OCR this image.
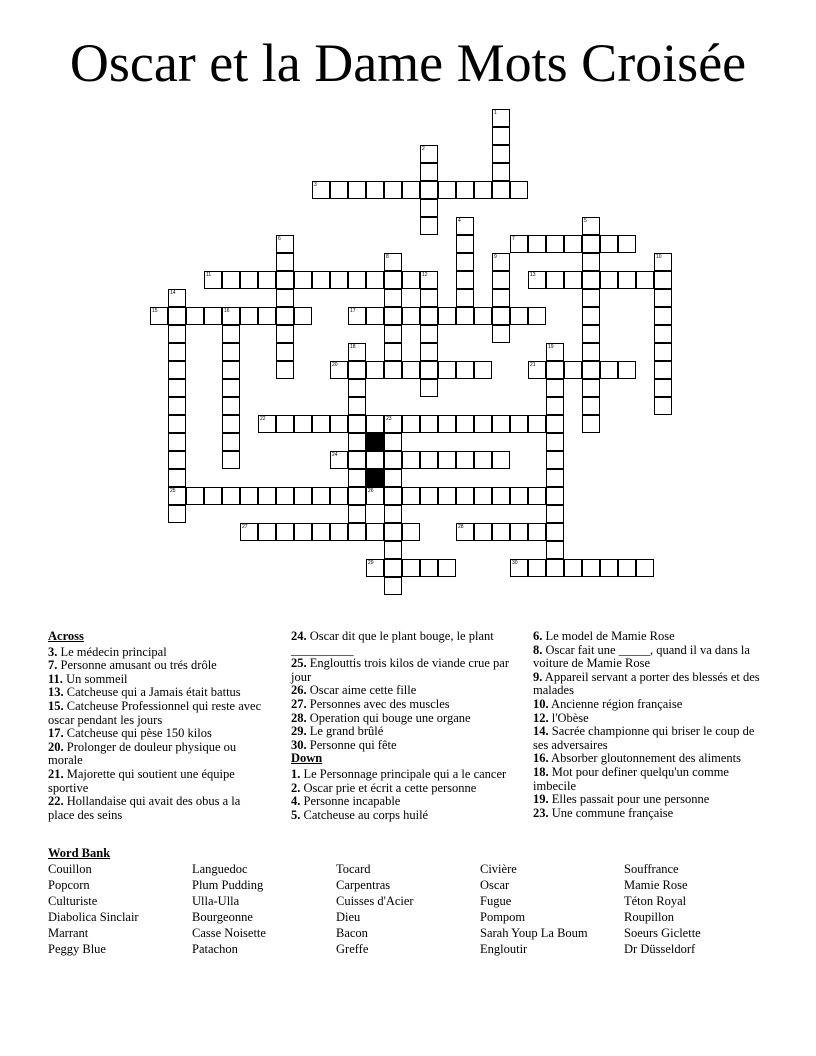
Oscar et la Dame Mots Croisée
1
2
3
4	5
6	7
8	9	10
11	12	13
14
25
15	16	17
18	19
20	21
22	23
24
26
27	28
29	30
Across
3. Le médecin principal
7. Personne amusant ou trés drôle
11. Un sommeil
13. Catcheuse qui a Jamais était battus
15. Catcheuse Professionnel qui reste avec oscar pendant les jours
17. Catcheuse qui pèse 150 kilos
20. Prolonger de douleur physique ou morale
21. Majorette qui soutient une équipe sportive
22. Hollandaise qui avait des obus a la place des seins
24. Oscar dit que le plant bouge, le plant __________
25. Englouttis trois kilos de viande crue par jour
26. Oscar aime cette fille
27. Personnes avec des muscles
28. Operation qui bouge une organe
29. Le grand brûlé
30. Personne qui fête
Down
1. Le Personnage principale qui a le cancer
2. Oscar prie et écrit a cette personne
4. Personne incapable
5. Catcheuse au corps huilé
6. Le model de Mamie Rose
8. Oscar fait une _____, quand il va dans la voiture de Mamie Rose
9. Appareil servant a porter des blessés et des malades
10. Ancienne région française
12. l'Obèse
14. Sacrée championne qui briser le coup de ses adversaires
16. Absorber gloutonnement des aliments
18. Mot pour definer quelqu'un comme imbecile
19. Elles passait pour une personne
23. Une commune française
Word Bank
Couillon
Popcorn
Culturiste
Diabolica Sinclair
Marrant
Peggy Blue
Languedoc
Plum Pudding
Ulla-Ulla
Bourgeonne
Casse Noisette
Patachon
Tocard
Carpentras
Cuisses d'Acier
Dieu
Bacon
Greffe
Civière
Oscar
Fugue
Pompom
Sarah Youp La Boum
Engloutir
Souffrance
Mamie Rose
Téton Royal
Roupillon
Soeurs Giclette
Dr Düsseldorf
